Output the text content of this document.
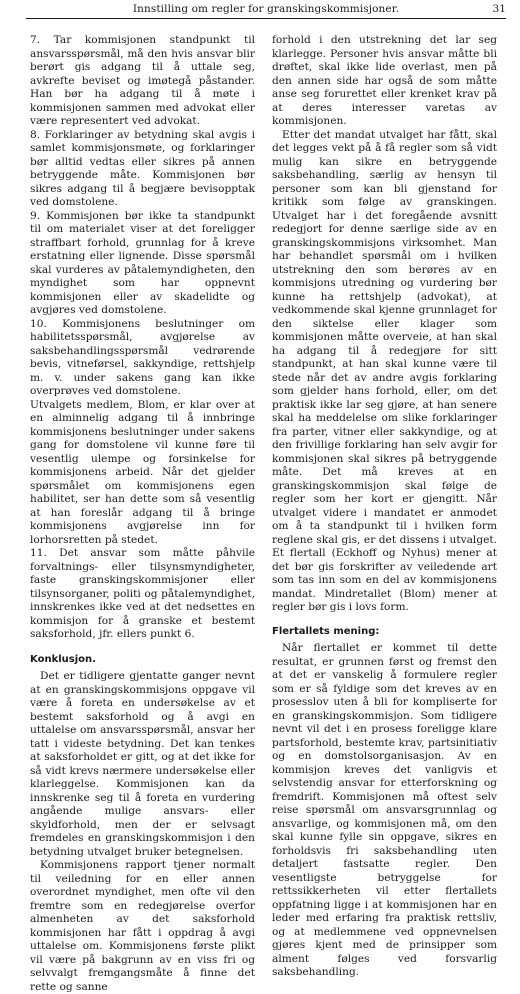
Innstilling om regler for granskingskommisjoner.	31

7. Tar kommisjonen standpunkt til ansvarsspørsmål, må den hvis ansvar blir berørt gis adgang til å uttale seg, avkrefte beviset og imøtegå påstander. Han bør ha adgang til å møte i kommisjonen sammen med advokat eller være representert ved advokat.

8. Forklaringer av betydning skal avgis i samlet kommisjonsmøte, og forklaringer bør alltid vedtas eller sikres på annen betryggende måte. Kommisjonen bør sikres adgang til å begjære bevisopptak ved domstolene.

9. Kommisjonen bør ikke ta standpunkt til om materialet viser at det foreligger straffbart forhold, grunnlag for å kreve erstatning eller lignende. Disse spørsmål skal vurderes av påtalemyndigheten, den myndighet som har oppnevnt kommisjonen eller av skadelidte og avgjøres ved domstolene.

10. Kommisjonens beslutninger om habilitetsspørsmål, avgjørelse av saksbehandlingsspørsmål vedrørende bevis, vitneførsel, sakkyndige, rettshjelp m. v. under sakens gang kan ikke overprøves ved domstolene.

Utvalgets medlem, Blom, er klar over at en alminnelig adgang til å innbringe kommisjonens beslutninger under sakens gang for domstolene vil kunne føre til vesentlig ulempe og forsinkelse for kommisjonens arbeid. Når det gjelder spørsmålet om kommisjonens egen habilitet, ser han dette som så vesentlig at han foreslår adgang til å bringe kommisjonens avgjørelse inn for lorhorsretten på stedet.

11. Det ansvar som måtte påhvile forvaltnings- eller tilsynsmyndigheter, faste granskingskommisjoner eller tilsynsorganer, politi og påtalemyndighet, innskrenkes ikke ved at det nedsettes en kommisjon for å granske et bestemt saksforhold, jfr. ellers punkt 6.

Konklusjon.

Det er tidligere gjentatte ganger nevnt at en granskingskommisjons oppgave vil være å foreta en undersøkelse av et bestemt saksforhold og å avgi en uttalelse om ansvarsspørsmål, ansvar her tatt i videste betydning. Det kan tenkes at saksforholdet er gitt, og at det ikke for så vidt krevs nærmere undersøkelse eller klarleggelse. Kommisjonen kan da innskrenke seg til å foreta en vurdering angående mulige ansvars- eller skyldforhold, men der er selvsagt fremdeles en granskingskommisjon i den betydning utvalget bruker betegnelsen.

Kommisjonens rapport tjener normalt til veiledning for en eller annen overordnet myndighet, men ofte vil den fremtre som en redegjørelse overfor almenheten av det saksforhold kommisjonen har fått i oppdrag å avgi uttalelse om. Kommisjonens første plikt vil være på bakgrunn av en viss fri og selvvalgt fremgangsmåte å finne det rette og sanne

forhold i den utstrekning det lar seg klarlegge. Personer hvis ansvar måtte bli drøftet, skal ikke lide overlast, men på den annen side har også de som måtte anse seg forurettet eller krenket krav på at deres interesser varetas av kommisjonen.

Etter det mandat utvalget har fått, skal det legges vekt på å få regler som så vidt mulig kan sikre en betryggende saksbehandling, særlig av hensyn til personer som kan bli gjenstand for kritikk som følge av granskingen. Utvalget har i det foregående avsnitt redegjort for denne særlige side av en granskingskommisjons virksomhet. Man har behandlet spørsmål om i hvilken utstrekning den som berøres av en kommisjons utredning og vurdering bør kunne ha rettshjelp (advokat), at vedkommende skal kjenne grunnlaget for den siktelse eller klager som kommisjonen måtte overveie, at han skal ha adgang til å redegjøre for sitt standpunkt, at han skal kunne være til stede når det av andre avgis forklaring som gjelder hans forhold, eller, om det praktisk ikke lar seg gjøre, at han senere skal ha meddelelse om slike forklaringer fra parter, vitner eller sakkyndige, og at den frivillige forklaring han selv avgir for kommisjonen skal sikres på betryggende måte. Det må kreves at en granskingskommisjon skal følge de regler som her kort er gjengitt. Når utvalget videre i mandatet er anmodet om å ta standpunkt til i hvilken form reglene skal gis, er det dissens i utvalget. Et flertall (Eckhoff og Nyhus) mener at det bør gis forskrifter av veiledende art som tas inn som en del av kommisjonens mandat. Mindretallet (Blom) mener at regler bør gis i lovs form.

Flertallets mening:

Når flertallet er kommet til dette resultat, er grunnen først og fremst den at det er vanskelig å formulere regler som er så fyldige som det kreves av en prosesslov uten å bli for kompliserte for en granskingskommisjon. Som tidligere nevnt vil det i en prosess foreligge klare partsforhold, bestemte krav, partsinitiativ og en domstolsorganisasjon. Av en kommisjon kreves det vanligvis et selvstendig ansvar for etterforskning og fremdrift. Kommisjonen må oftest selv reise spørsmål om ansvarsgrunnlag og ansvarlige, og kommisjonen må, om den skal kunne fylle sin oppgave, sikres en forholdsvis fri saksbehandling uten detaljert fastsatte regler. Den vesentligste betryggelse for rettssikkerheten vil etter flertallets oppfatning ligge i at kommisjonen har en leder med erfaring fra praktisk rettsliv, og at medlemmene ved oppnevnelsen gjøres kjent med de prinsipper som alment følges ved forsvarlig saksbehandling.
